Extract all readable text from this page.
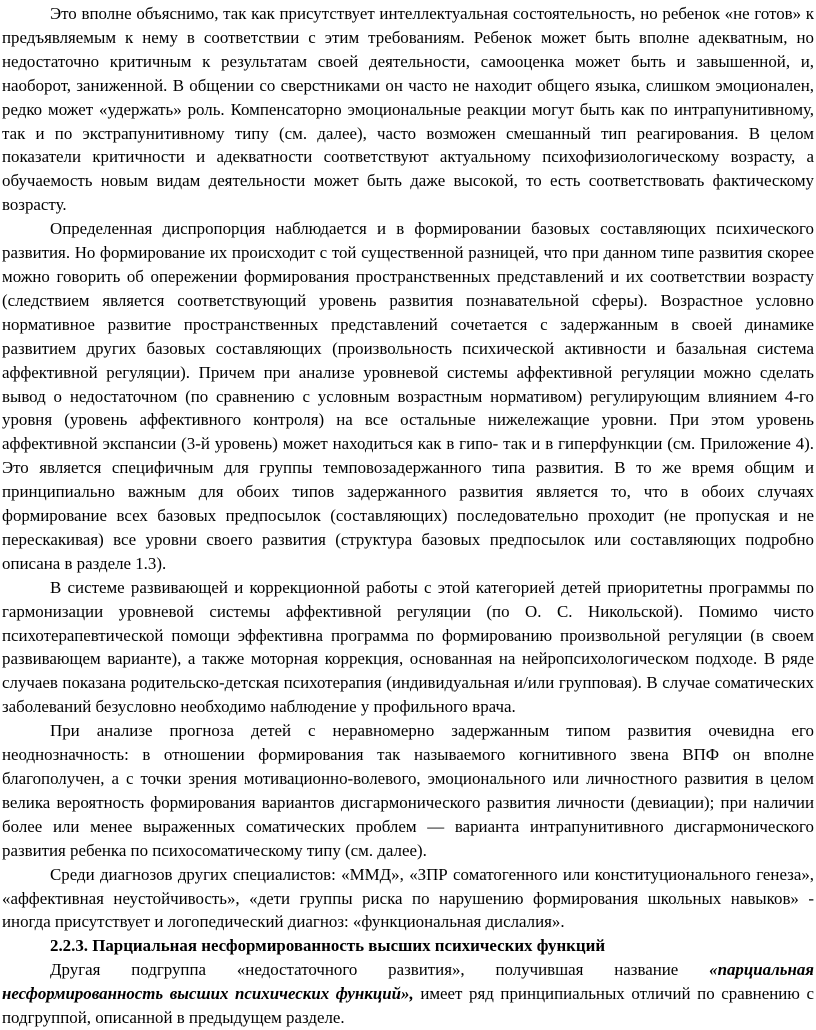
Это вполне объяснимо, так как присутствует интеллектуальная состоятельность, но ребенок «не готов» к предъявляемым к нему в соответствии с этим требованиям. Ребенок может быть вполне адекватным, но недостаточно критичным к результатам своей деятельности, самооценка может быть и завышенной, и, наоборот, заниженной. В общении со сверстниками он часто не находит общего языка, слишком эмоционален, редко может «удержать» роль. Компенсаторно эмоциональные реакции могут быть как по интрапунитивному, так и по экстрапунитивному типу (см. далее), часто возможен смешанный тип реагирования. В целом показатели критичности и адекватности соответствуют актуальному психофизиологическому возрасту, а обучаемость новым видам деятельности может быть даже высокой, то есть соответствовать фактическому возрасту.

Определенная диспропорция наблюдается и в формировании базовых составляющих психического развития. Но формирование их происходит с той существенной разницей, что при данном типе развития скорее можно говорить об опережении формирования пространственных представлений и их соответствии возрасту (следствием является соответствующий уровень развития познавательной сферы). Возрастное условно нормативное развитие пространственных представлений сочетается с задержанным в своей динамике развитием других базовых составляющих (произвольность психической активности и базальная система аффективной регуляции). Причем при анализе уровневой системы аффективной регуляции можно сделать вывод о недостаточном (по сравнению с условным возрастным нормативом) регулирующим влиянием 4-го уровня (уровень аффективного контроля) на все остальные нижележащие уровни. При этом уровень аффективной экспансии (3-й уровень) может находиться как в гипо- так и в гиперфункции (см. Приложение 4). Это является специфичным для группы темповозадержанного типа развития. В то же время общим и принципиально важным для обоих типов задержанного развития является то, что в обоих случаях формирование всех базовых предпосылок (составляющих) последовательно проходит (не пропуская и не перескакивая) все уровни своего развития (структура базовых предпосылок или составляющих подробно описана в разделе 1.3).

В системе развивающей и коррекционной работы с этой категорией детей приоритетны программы по гармонизации уровневой системы аффективной регуляции (по О. С. Никольской). Помимо чисто психотерапевтической помощи эффективна программа по формированию произвольной регуляции (в своем развивающем варианте), а также моторная коррекция, основанная на нейропсихологическом подходе. В ряде случаев показана родительско-детская психотерапия (индивидуальная и/или групповая). В случае соматических заболеваний безусловно необходимо наблюдение у профильного врача.

При анализе прогноза детей с неравномерно задержанным типом развития очевидна его неоднозначность: в отношении формирования так называемого когнитивного звена ВПФ он вполне благополучен, а с точки зрения мотивационно-волевого, эмоционального или личностного развития в целом велика вероятность формирования вариантов дисгармонического развития личности (девиации); при наличии более или менее выраженных соматических проблем — варианта интрапунитивного дисгармонического развития ребенка по психосоматическому типу (см. далее).

Среди диагнозов других специалистов: «ММД», «ЗПР соматогенного или конституционального генеза», «аффективная неустойчивость», «дети группы риска по нарушению формирования школьных навыков» - иногда присутствует и логопедический диагноз: «функциональная дислалия».

2.2.3. Парциальная несформированность высших психических функций

Другая подгруппа «недостаточного развития», получившая название «парциальная несформированность высших психических функций», имеет ряд принципиальных отличий по сравнению с подгруппой, описанной в предыдущем разделе.
